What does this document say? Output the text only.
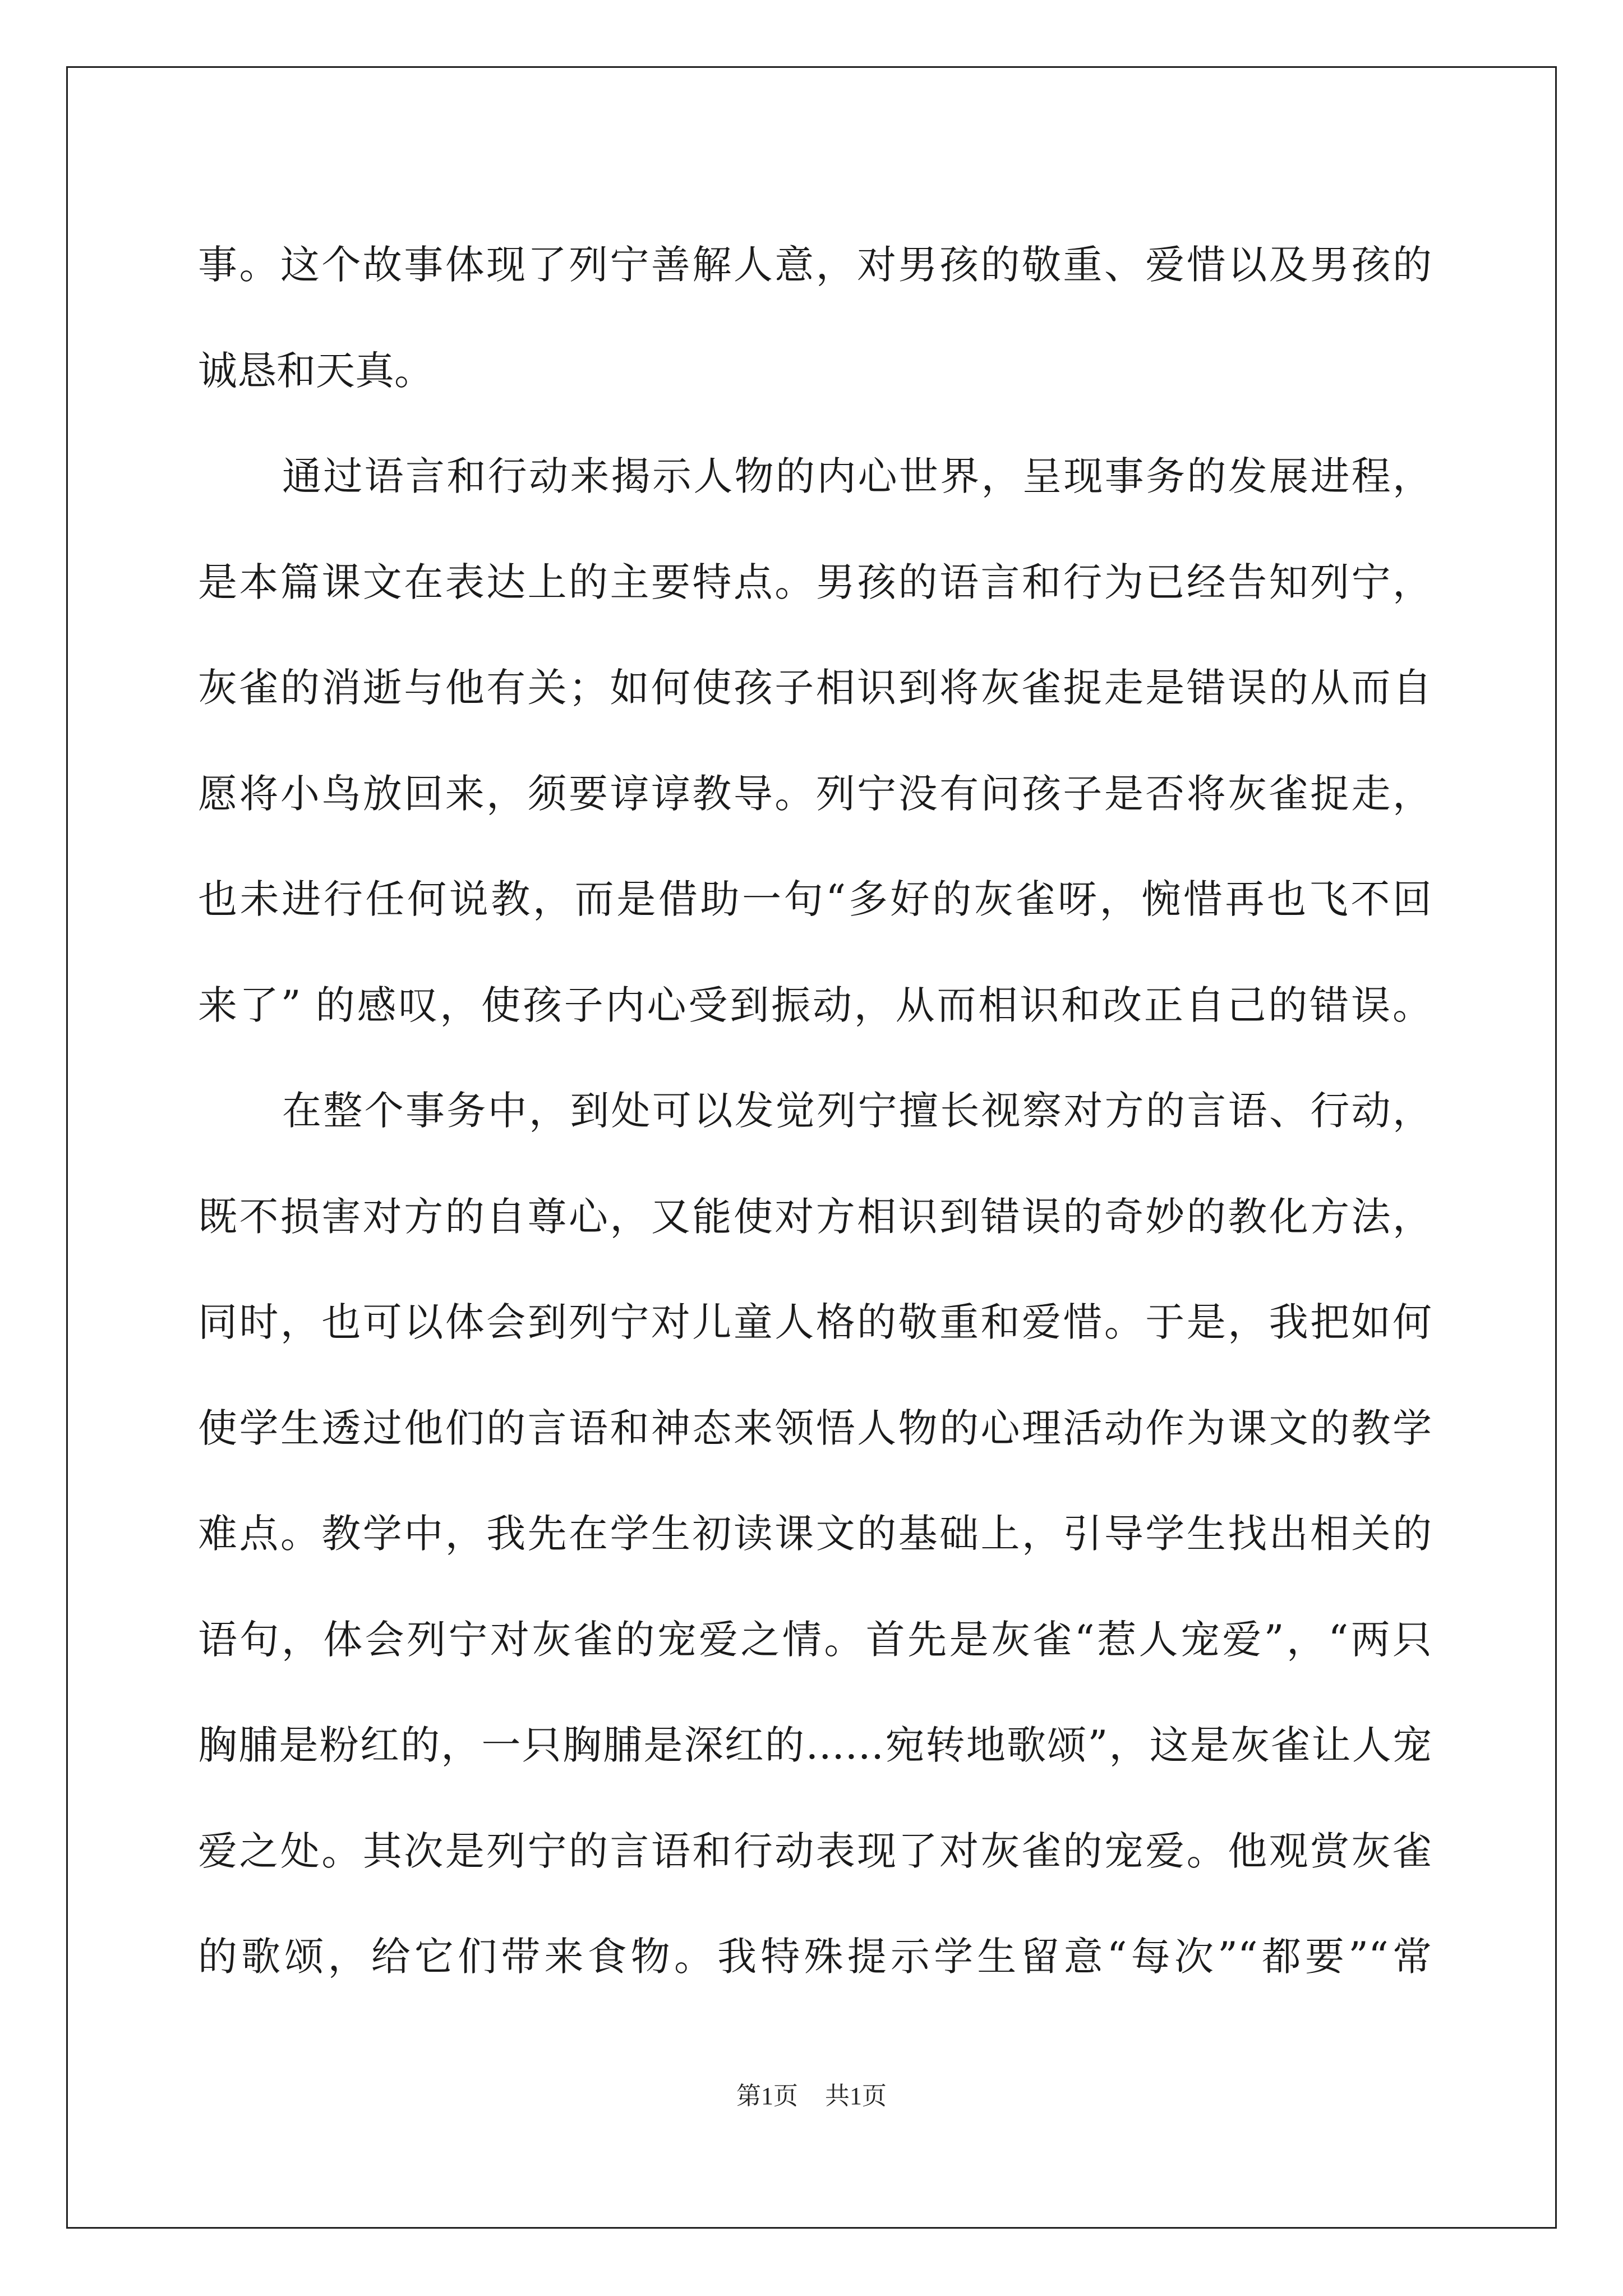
事。这个故事体现了列宁善解人意，对男孩的敬重、爱惜以及男孩的
诚恳和天真。
通过语言和行动来揭示人物的内心世界，呈现事务的发展进程，
是本篇课文在表达上的主要特点。男孩的语言和行为已经告知列宁，
灰雀的消逝与他有关；如何使孩子相识到将灰雀捉走是错误的从而自
愿将小鸟放回来，须要谆谆教导。列宁没有问孩子是否将灰雀捉走，
也未进行任何说教，而是借助一句“多好的灰雀呀，惋惜再也飞不回
来了” 的感叹，使孩子内心受到振动，从而相识和改正自己的错误。
在整个事务中，到处可以发觉列宁擅长视察对方的言语、行动，
既不损害对方的自尊心，又能使对方相识到错误的奇妙的教化方法，
同时，也可以体会到列宁对儿童人格的敬重和爱惜。于是，我把如何
使学生透过他们的言语和神态来领悟人物的心理活动作为课文的教学
难点。教学中，我先在学生初读课文的基础上，引导学生找出相关的
语句，体会列宁对灰雀的宠爱之情。首先是灰雀“惹人宠爱”，“两只
胸脯是粉红的，一只胸脯是深红的……宛转地歌颂”，这是灰雀让人宠
爱之处。其次是列宁的言语和行动表现了对灰雀的宠爱。他观赏灰雀
的歌颂，给它们带来食物。我特殊提示学生留意“每次”“都要”“常
第1页 共1页
